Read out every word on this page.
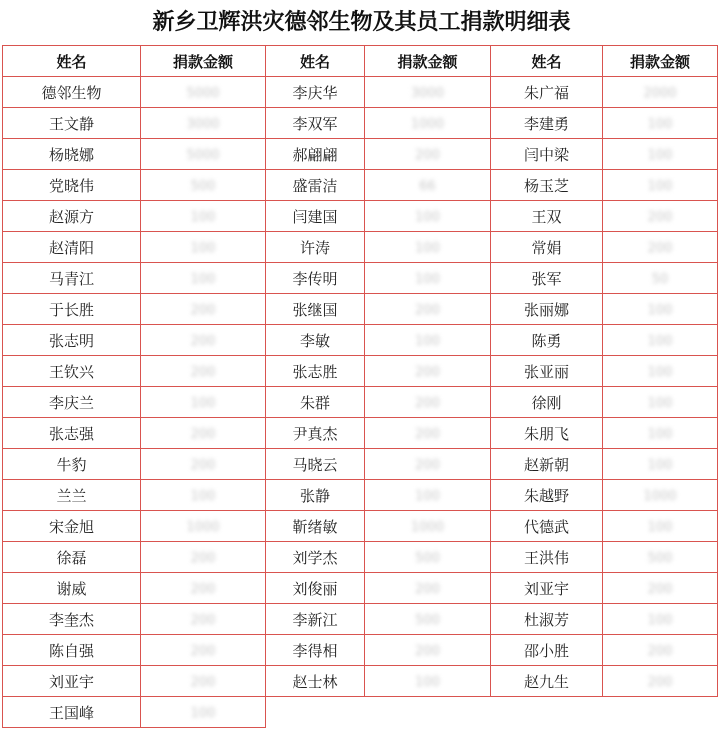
新乡卫辉洪灾德邻生物及其员工捐款明细表
姓名	捐款金额	姓名	捐款金额	姓名	捐款金额
德邻生物	5000	李庆华	3000	朱广福	2000
王文静	3000	李双军	1000	李建勇	100
杨晓娜	5000	郝翩翩	200	闫中梁	100
党晓伟	500	盛雷洁	66	杨玉芝	100
赵源方	100	闫建国	100	王双	200
赵清阳	100	许涛	100	常娟	200
马青江	100	李传明	100	张军	50
于长胜	200	张继国	200	张丽娜	100
张志明	200	李敏	100	陈勇	100
王钦兴	200	张志胜	200	张亚丽	100
李庆兰	100	朱群	200	徐刚	100
张志强	200	尹真杰	200	朱朋飞	100
牛豹	200	马晓云	200	赵新朝	100
兰兰	100	张静	100	朱越野	1000
宋金旭	1000	靳绪敏	1000	代德武	100
徐磊	200	刘学杰	500	王洪伟	500
谢威	200	刘俊丽	200	刘亚宇	200
李奎杰	200	李新江	500	杜淑芳	100
陈自强	200	李得相	200	邵小胜	200
刘亚宇	200	赵士林	100	赵九生	200
王国峰	100				
